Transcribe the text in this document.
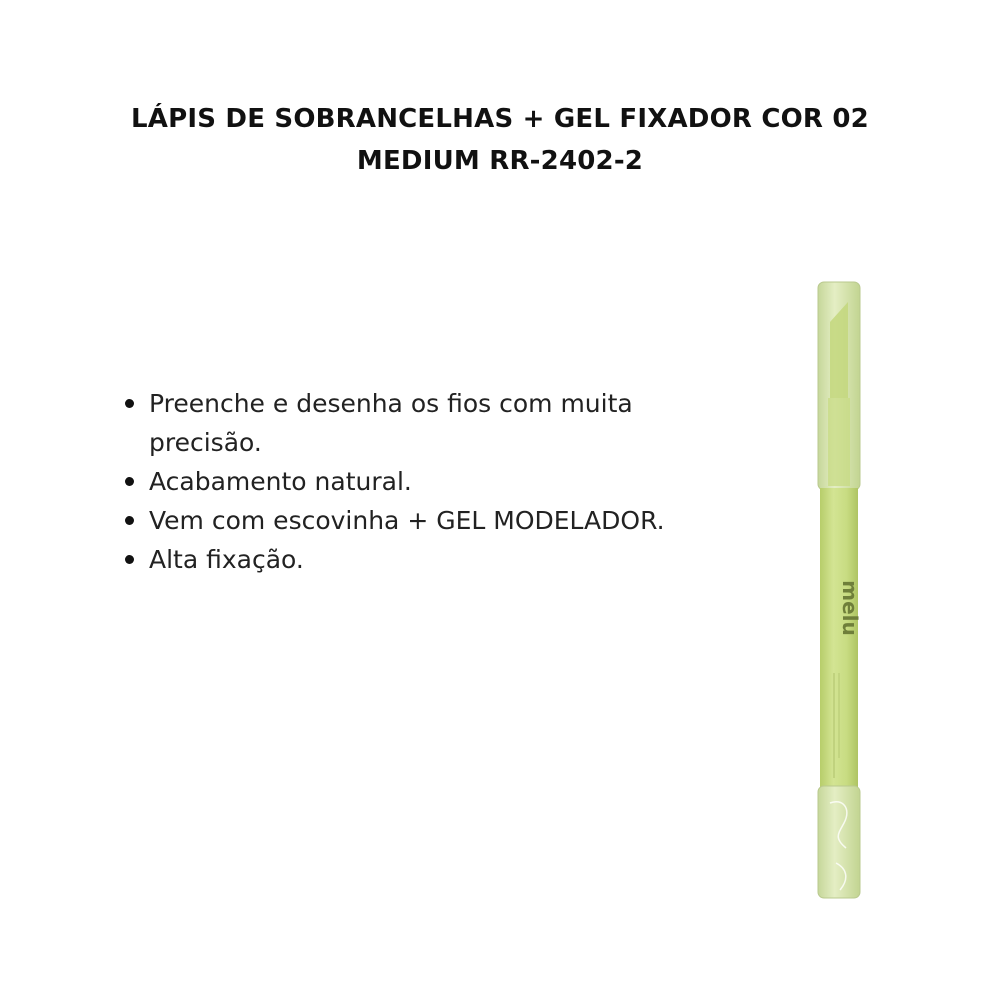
LÁPIS DE SOBRANCELHAS + GEL FIXADOR COR 02 MEDIUM RR-2402-2
Preenche e desenha os fios com muita precisão.
Acabamento natural.
Vem com escovinha + GEL MODELADOR.
Alta fixação.
melu
